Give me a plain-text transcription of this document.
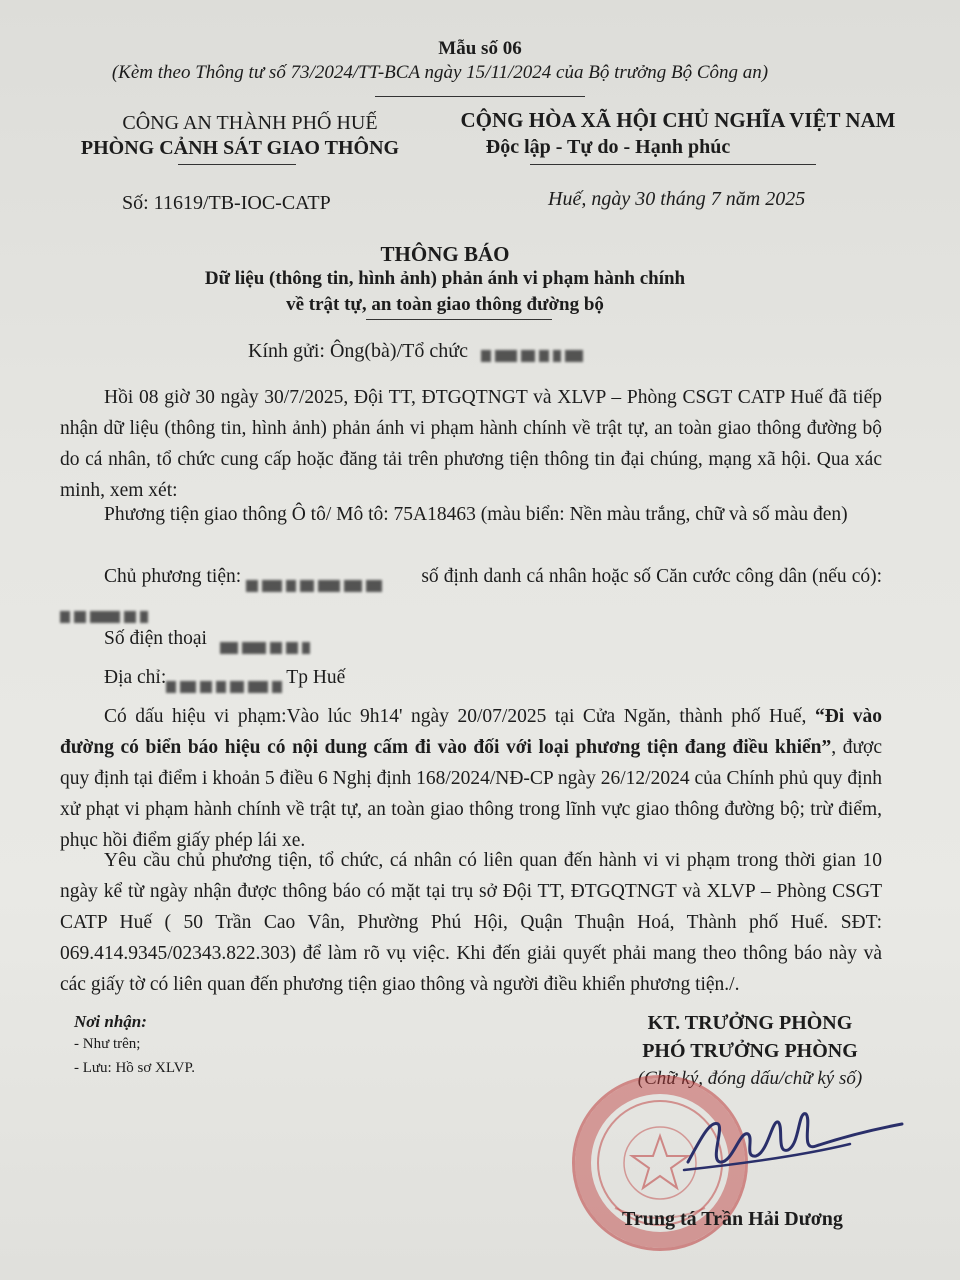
Mẫu số 06
(Kèm theo Thông tư số 73/2024/TT-BCA ngày 15/11/2024 của Bộ trưởng Bộ Công an)
CÔNG AN THÀNH PHỐ HUẾ
PHÒNG CẢNH SÁT GIAO THÔNG
CỘNG HÒA XÃ HỘI CHỦ NGHĨA VIỆT NAM
Độc lập - Tự do - Hạnh phúc
Số: 11619/TB-IOC-CATP	Huế, ngày 30 tháng 7 năm 2025
THÔNG BÁO
Dữ liệu (thông tin, hình ảnh) phản ánh vi phạm hành chính
về trật tự, an toàn giao thông đường bộ
Kính gửi: Ông(bà)/Tổ chức
Hồi 08 giờ 30 ngày 30/7/2025, Đội TT, ĐTGQTNGT và XLVP – Phòng CSGT CATP Huế đã tiếp nhận dữ liệu (thông tin, hình ảnh) phản ánh vi phạm hành chính về trật tự, an toàn giao thông đường bộ do cá nhân, tổ chức cung cấp hoặc đăng tải trên phương tiện thông tin đại chúng, mạng xã hội. Qua xác minh, xem xét:
Phương tiện giao thông Ô tô/ Mô tô: 75A18463 (màu biển: Nền màu trắng, chữ và số màu đen)
Chủ phương tiện:	số định danh cá nhân hoặc số Căn cước công dân (nếu có):
Số điện thoại
Địa chỉ:	Tp Huế
Có dấu hiệu vi phạm:Vào lúc 9h14' ngày 20/07/2025 tại Cửa Ngăn, thành phố Huế, “Đi vào đường có biển báo hiệu có nội dung cấm đi vào đối với loại phương tiện đang điều khiển”, được quy định tại điểm i khoản 5 điều 6 Nghị định 168/2024/NĐ-CP ngày 26/12/2024 của Chính phủ quy định xử phạt vi phạm hành chính về trật tự, an toàn giao thông trong lĩnh vực giao thông đường bộ; trừ điểm, phục hồi điểm giấy phép lái xe.
Yêu cầu chủ phương tiện, tổ chức, cá nhân có liên quan đến hành vi vi phạm trong thời gian 10 ngày kể từ ngày nhận được thông báo có mặt tại trụ sở Đội TT, ĐTGQTNGT và XLVP – Phòng CSGT CATP Huế ( 50 Trần Cao Vân, Phường Phú Hội, Quận Thuận Hoá, Thành phố Huế. SĐT: 069.414.9345/02343.822.303) để làm rõ vụ việc. Khi đến giải quyết phải mang theo thông báo này và các giấy tờ có liên quan đến phương tiện giao thông và người điều khiển phương tiện./.
Nơi nhận:
- Như trên;
- Lưu: Hồ sơ XLVP.
KT. TRƯỞNG PHÒNG
PHÓ TRƯỞNG PHÒNG
(Chữ ký, đóng dấu/chữ ký số)
Trung tá Trần Hải Dương
